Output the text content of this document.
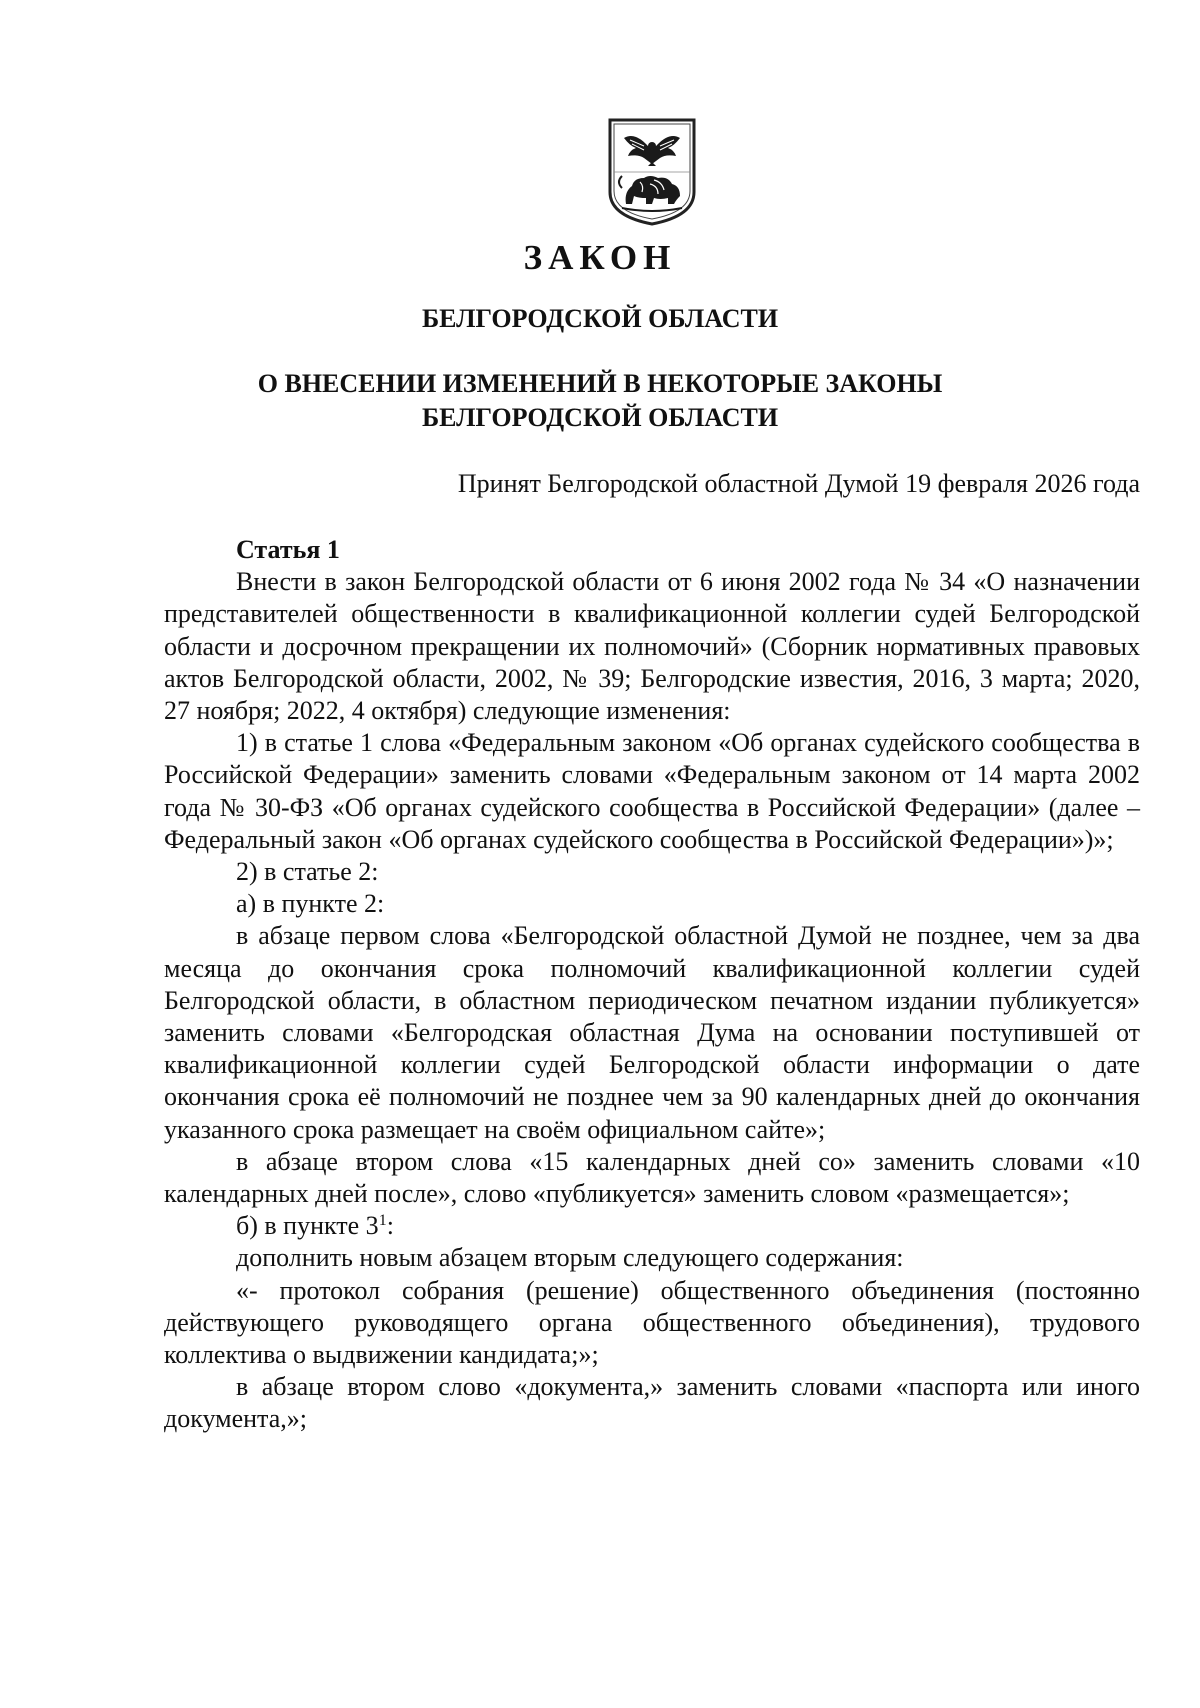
ЗАКОН
БЕЛГОРОДСКОЙ ОБЛАСТИ
О ВНЕСЕНИИ ИЗМЕНЕНИЙ В НЕКОТОРЫЕ ЗАКОНЫ
БЕЛГОРОДСКОЙ ОБЛАСТИ
Принят Белгородской областной Думой 19 февраля 2026 года

Статья 1

Внести в закон Белгородской области от 6 июня 2002 года № 34 «О назначении представителей общественности в квалификационной коллегии судей Белгородской области и досрочном прекращении их полномочий» (Сборник нормативных правовых актов Белгородской области, 2002, № 39; Белгородские известия, 2016, 3 марта; 2020, 27 ноября; 2022, 4 октября) следующие изменения:

1) в статье 1 слова «Федеральным законом «Об органах судейского сообщества в Российской Федерации» заменить словами «Федеральным законом от 14 марта 2002 года № 30-ФЗ «Об органах судейского сообщества в Российской Федерации» (далее – Федеральный закон «Об органах судейского сообщества в Российской Федерации»)»;

2) в статье 2:

а) в пункте 2:

в абзаце первом слова «Белгородской областной Думой не позднее, чем за два месяца до окончания срока полномочий квалификационной коллегии судей Белгородской области, в областном периодическом печатном издании публикуется» заменить словами «Белгородская областная Дума на основании поступившей от квалификационной коллегии судей Белгородской области информации о дате окончания срока её полномочий не позднее чем за 90 календарных дней до окончания указанного срока размещает на своём официальном сайте»;

в абзаце втором слова «15 календарных дней со» заменить словами «10 календарных дней после», слово «публикуется» заменить словом «размещается»;

б) в пункте $3^1$:

дополнить новым абзацем вторым следующего содержания:

«- протокол собрания (решение) общественного объединения (постоянно действующего руководящего органа общественного объединения), трудового коллектива о выдвижении кандидата;»;

в абзаце втором слово «документа,» заменить словами «паспорта или иного документа,»;
